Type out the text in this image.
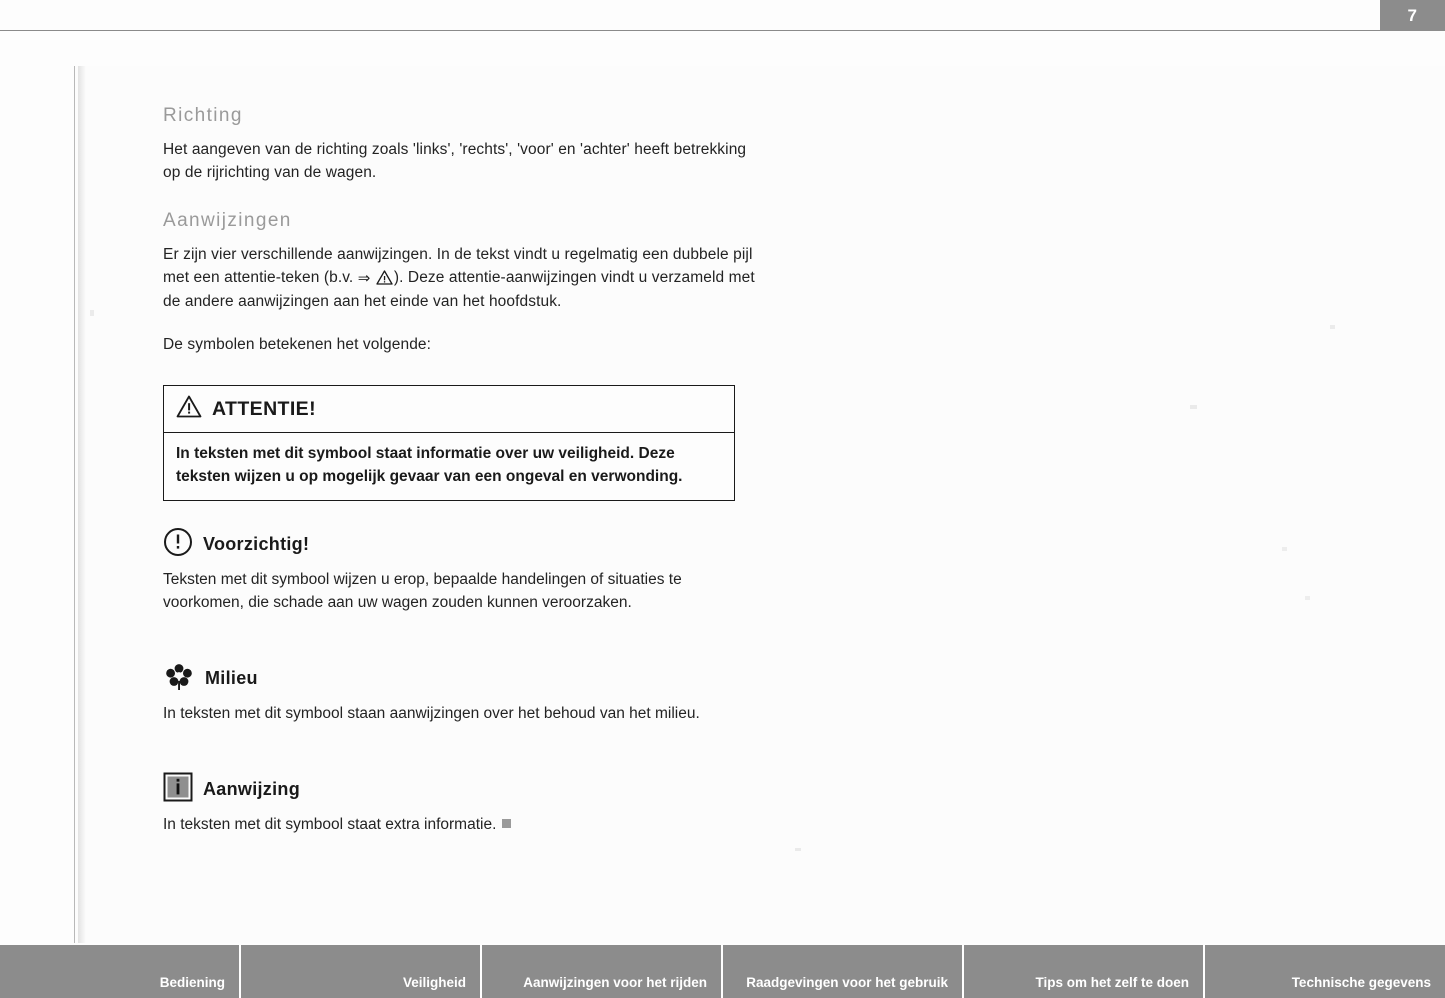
7
Richting

Het aangeven van de richting zoals 'links', 'rechts', 'voor' en 'achter' heeft betrekking op de rijrichting van de wagen.

Aanwijzingen

Er zijn vier verschillende aanwijzingen. In de tekst vindt u regelmatig een dubbele pijl met een attentie-teken (b.v. ⇒ ). Deze attentie-aanwijzingen vindt u verzameld met de andere aanwijzingen aan het einde van het hoofdstuk.

De symbolen betekenen het volgende:

ATTENTIE!
In teksten met dit symbool staat informatie over uw veiligheid. Deze teksten wijzen u op mogelijk gevaar van een ongeval en verwonding.
Voorzichtig!
Teksten met dit symbool wijzen u erop, bepaalde handelingen of situaties te voorkomen, die schade aan uw wagen zouden kunnen veroorzaken.
Milieu
In teksten met dit symbool staan aanwijzingen over het behoud van het milieu.
Aanwijzing
In teksten met dit symbool staat extra informatie.
Bediening	Veiligheid	Aanwijzingen voor het rijden	Raadgevingen voor het gebruik	Tips om het zelf te doen	Technische gegevens
